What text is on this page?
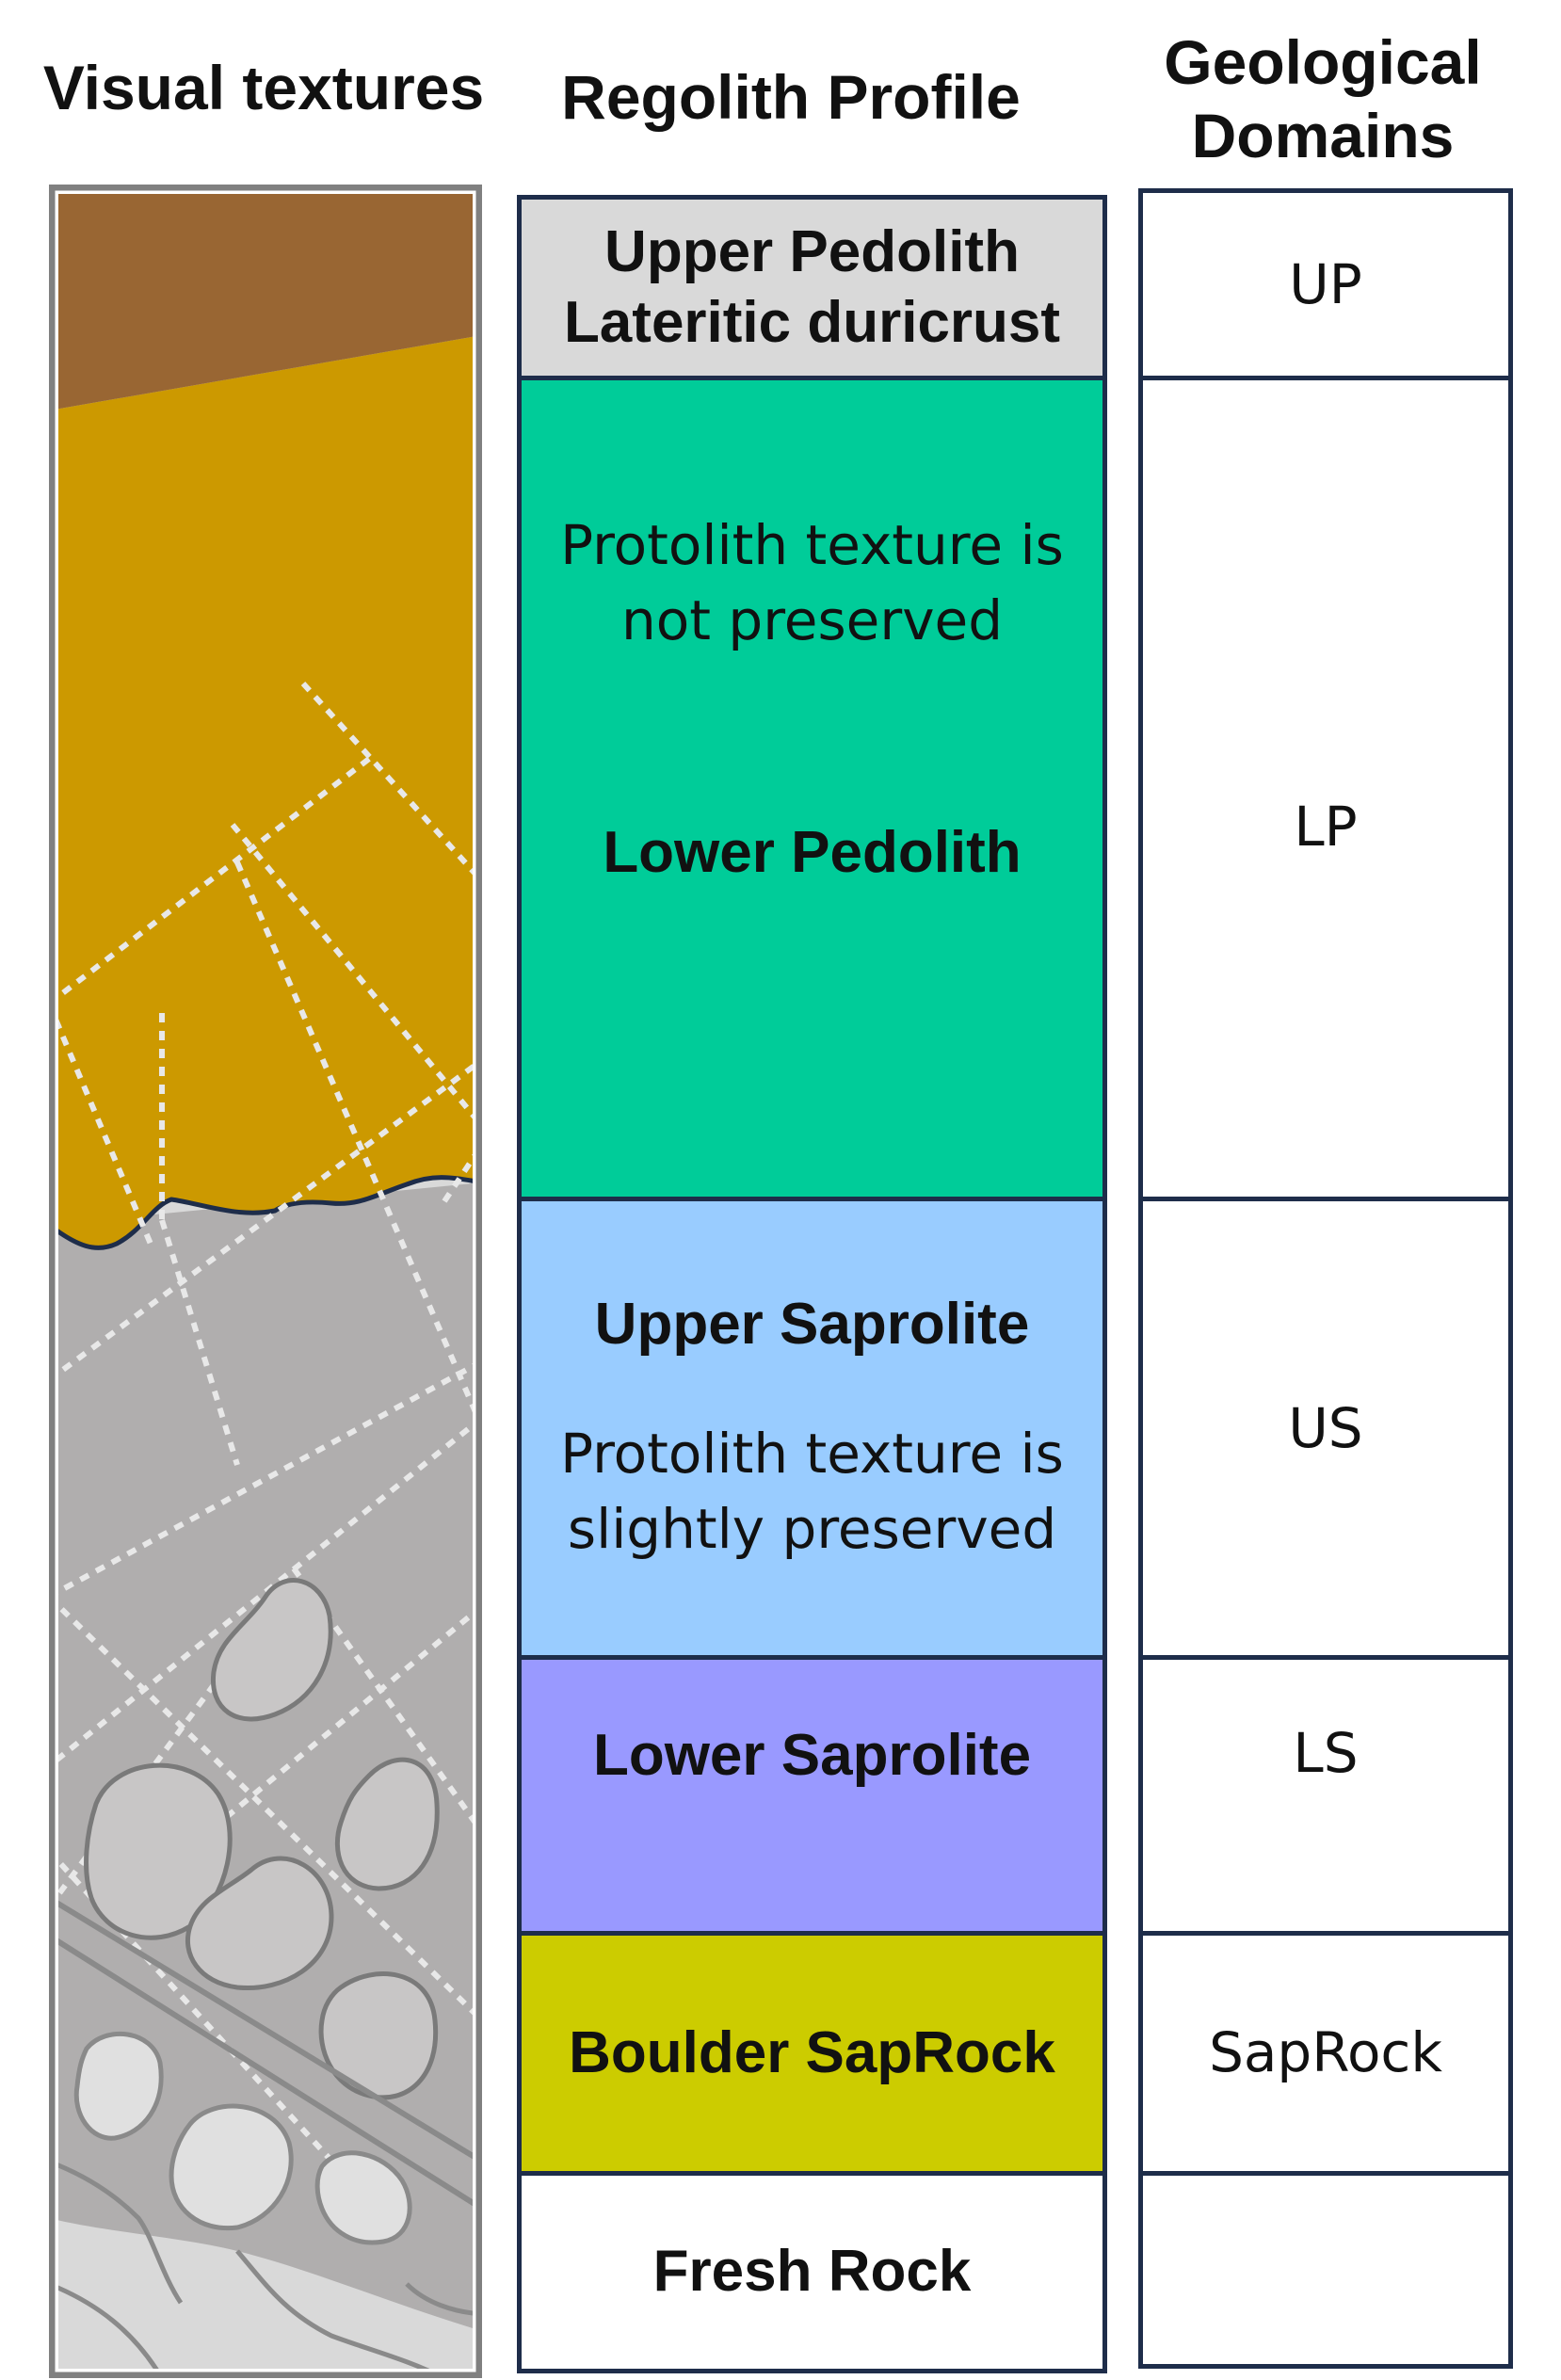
Visual textures	Regolith Profile	Geological
Domains
Upper Pedolith
Lateritic duricrust
Protolith texture is
not preserved
Lower Pedolith
Upper Saprolite
Protolith texture is
slightly preserved
Lower Saprolite
Boulder SapRock
Fresh Rock
UP
LP
US
LS
SapRock
